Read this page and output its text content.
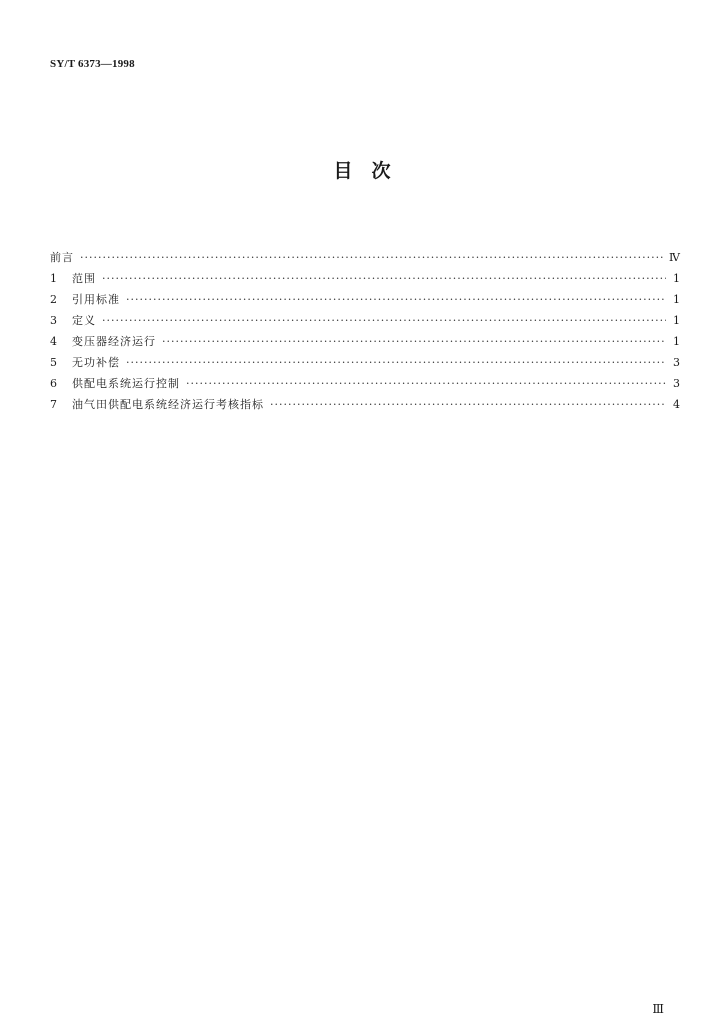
SY/T 6373—1998
目　次
前言 ·····	Ⅳ
1	范围 ·····	1
2	引用标准 ·····	1
3	定义 ·····	1
4	变压器经济运行 ·····	1
5	无功补偿 ·····	3
6	供配电系统运行控制 ·····	3
7	油气田供配电系统经济运行考核指标 ·····	4
Ⅲ
